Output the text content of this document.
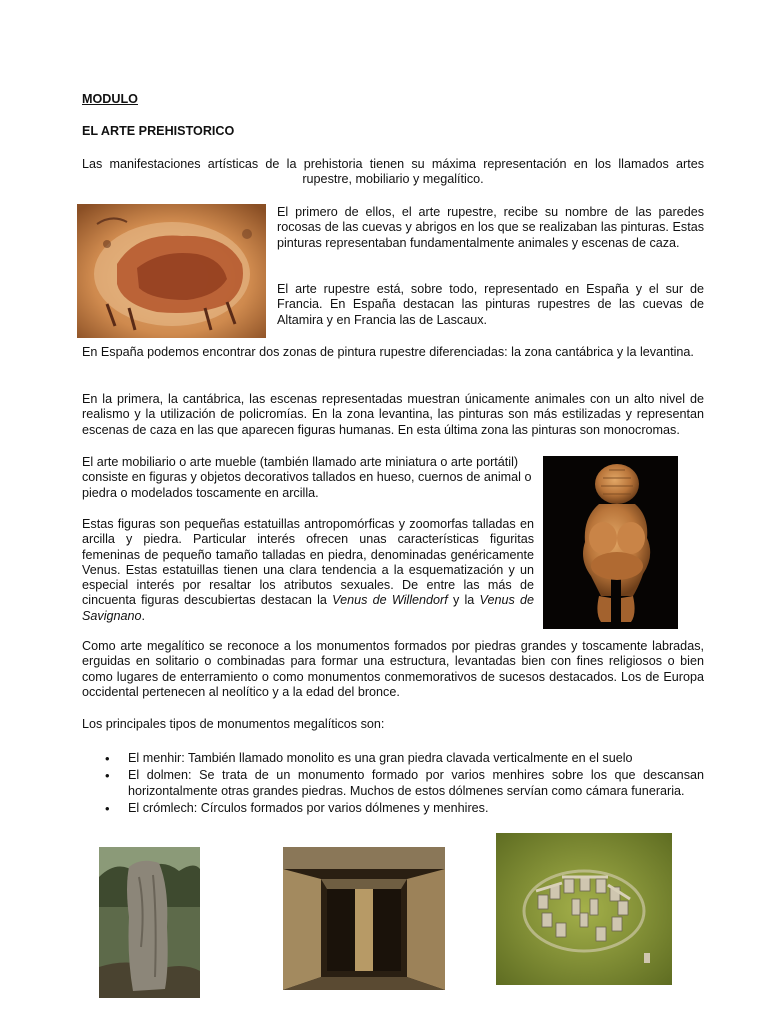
MODULO
EL ARTE PREHISTORICO
Las manifestaciones artísticas de la prehistoria tienen su máxima representación en los llamados artes
rupestre, mobiliario y megalítico.
El primero de ellos, el arte rupestre, recibe su nombre de las paredes rocosas de las cuevas y abrigos en los que se realizaban las pinturas. Estas pinturas representaban fundamentalmente animales y escenas de caza.
El arte rupestre está, sobre todo, representado en España y el sur de Francia. En España destacan las pinturas rupestres de las cuevas de Altamira y en Francia las de Lascaux.
En España podemos encontrar dos zonas de pintura rupestre diferenciadas: la zona cantábrica y la levantina.
En la primera, la cantábrica, las escenas representadas muestran únicamente animales con un alto nivel de realismo y la utilización de policromías. En la zona levantina, las pinturas son más estilizadas y representan escenas de caza en las que aparecen figuras humanas. En esta última zona las pinturas son monocromas.
El arte mobiliario o arte mueble (también llamado arte miniatura o arte portátil) consiste en figuras y objetos decorativos tallados en hueso, cuernos de animal o piedra o modelados toscamente en arcilla.
Estas figuras son pequeñas estatuillas antropomórficas y zoomorfas talladas en arcilla y piedra. Particular interés ofrecen unas características figuritas femeninas de pequeño tamaño talladas en piedra, denominadas genéricamente Venus. Estas estatuillas tienen una clara tendencia a la esquematización y un especial interés por resaltar los atributos sexuales. De entre las más de cincuenta figuras descubiertas destacan la Venus de Willendorf y la Venus de Savignano.
Como arte megalítico se reconoce a los monumentos formados por piedras grandes y toscamente labradas, erguidas en solitario o combinadas para formar una estructura, levantadas bien con fines religiosos o bien como lugares de enterramiento o como monumentos conmemorativos de sucesos destacados. Los de Europa occidental pertenecen al neolítico y a la edad del bronce.
Los principales tipos de monumentos megalíticos son:
• El menhir: También llamado monolito es una gran piedra clavada verticalmente en el suelo
• El dolmen: Se trata de un monumento formado por varios menhires sobre los que descansan horizontalmente otras grandes piedras. Muchos de estos dólmenes servían como cámara funeraria.
• El crómlech: Círculos formados por varios dólmenes y menhires.
